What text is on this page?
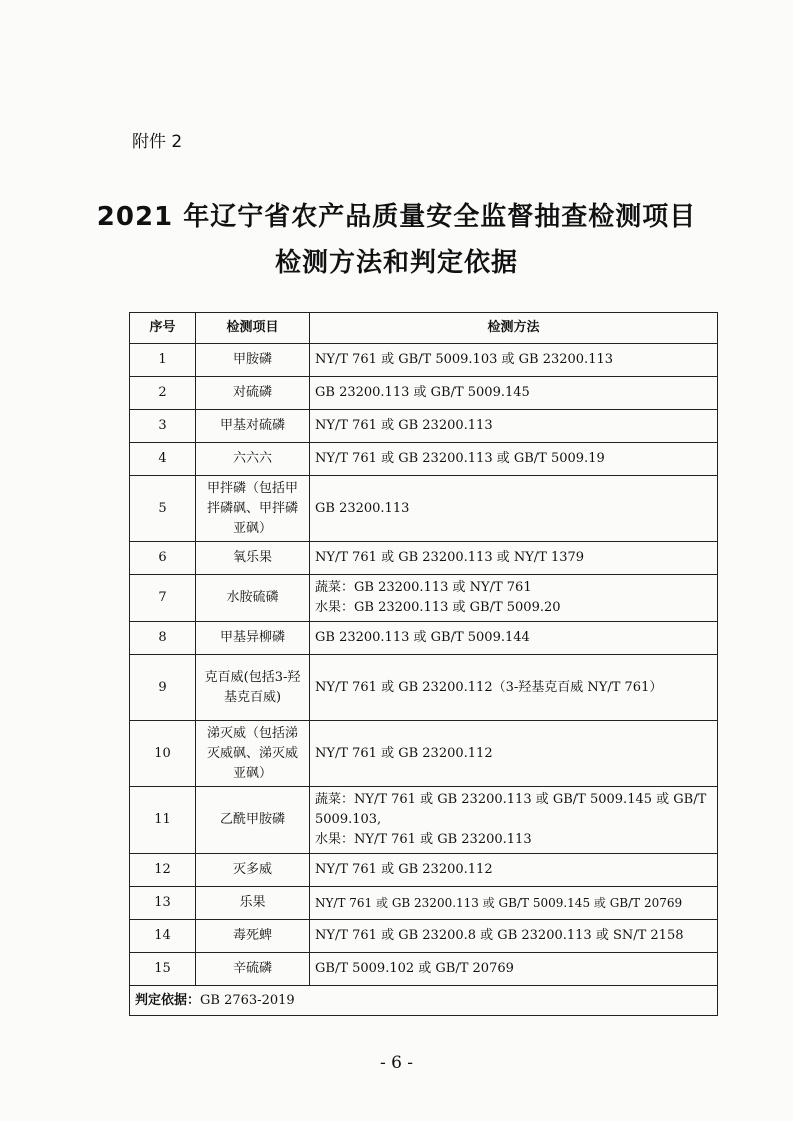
附件 2
2021 年辽宁省农产品质量安全监督抽查检测项目
检测方法和判定依据
序号	检测项目	检测方法
1	甲胺磷	NY/T 761 或 GB/T 5009.103 或 GB 23200.113
2	对硫磷	GB 23200.113 或 GB/T 5009.145
3	甲基对硫磷	NY/T 761 或 GB 23200.113
4	六六六	NY/T 761 或 GB 23200.113 或 GB/T 5009.19
5	甲拌磷（包括甲拌磷砜、甲拌磷亚砜）	GB 23200.113
6	氧乐果	NY/T 761 或 GB 23200.113 或 NY/T 1379
7	水胺硫磷	蔬菜：GB 23200.113 或 NY/T 761
水果：GB 23200.113 或 GB/T 5009.20

8	甲基异柳磷	GB 23200.113 或 GB/T 5009.144
9	克百威(包括3-羟基克百威)	NY/T 761 或 GB 23200.112（3-羟基克百威 NY/T 761）
10	涕灭威（包括涕灭威砜、涕灭威亚砜）	NY/T 761 或 GB 23200.112
11	乙酰甲胺磷	蔬菜：NY/T 761 或 GB 23200.113 或 GB/T 5009.145 或 GB/T 5009.103,
水果：NY/T 761 或 GB 23200.113

12	灭多威	NY/T 761 或 GB 23200.112
13	乐果	NY/T 761 或 GB 23200.113 或 GB/T 5009.145 或 GB/T 20769
14	毒死蜱	NY/T 761 或 GB 23200.8 或 GB 23200.113 或 SN/T 2158
15	辛硫磷	GB/T 5009.102 或 GB/T 20769
判定依据：GB 2763-2019		
- 6 -
